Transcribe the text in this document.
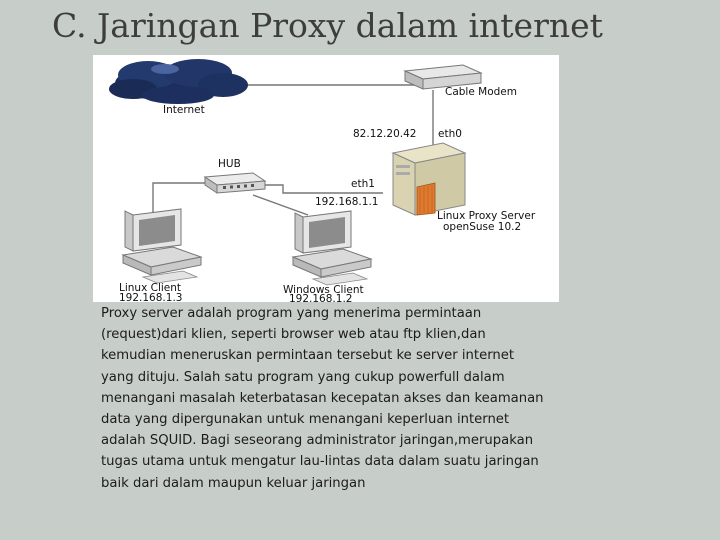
C. Jaringan Proxy dalam internet
Internet
Cable Modem
82.12.20.42 eth0
eth1
192.168.1.1
Linux Proxy Server
openSuse 10.2
HUB
Linux Client
192.168.1.3
Windows Client
192.168.1.2
Proxy server adalah program yang menerima permintaan
(request)dari klien, seperti browser web atau ftp klien,dan
kemudian meneruskan permintaan tersebut ke server internet
yang dituju. Salah satu program yang cukup powerfull dalam
menangani masalah keterbatasan kecepatan akses dan keamanan
data yang dipergunakan untuk menangani keperluan internet
adalah SQUID. Bagi seseorang administrator jaringan,merupakan
tugas utama untuk mengatur lau-lintas data dalam suatu jaringan
baik dari dalam maupun keluar jaringan
